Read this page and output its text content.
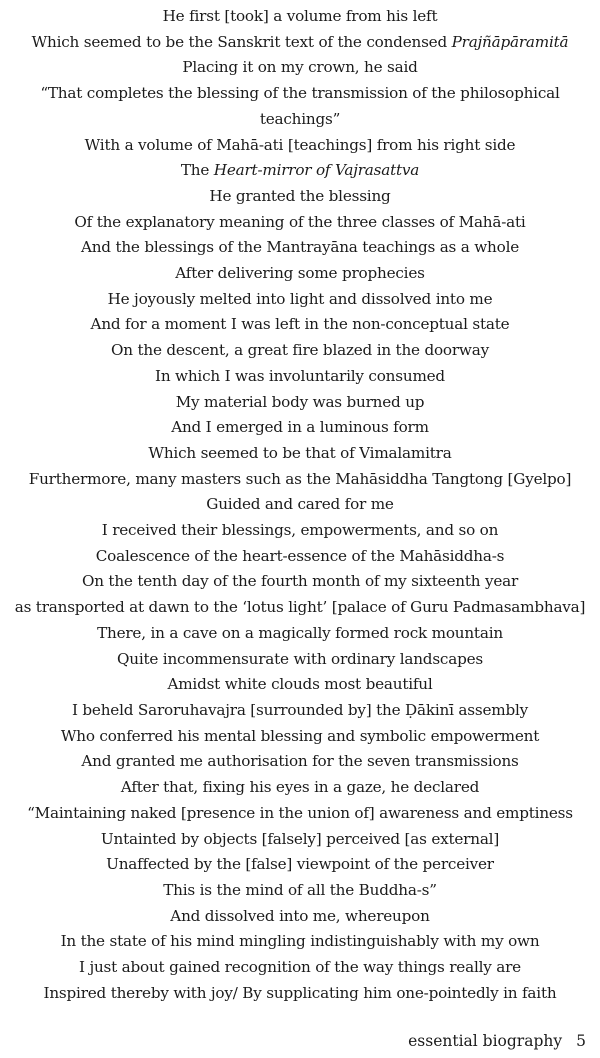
He first [took] a volume from his left
Which seemed to be the Sanskrit text of the condensed Prajñāpāramitā
Placing it on my crown, he said
“That completes the blessing of the transmission of the philosophical
teachings”
With a volume of Mahā-ati [teachings] from his right side
The Heart-mirror of Vajrasattva
He granted the blessing
Of the explanatory meaning of the three classes of Mahā-ati
And the blessings of the Mantrayāna teachings as a whole
After delivering some prophecies
He joyously melted into light and dissolved into me
And for a moment I was left in the non-conceptual state
On the descent, a great fire blazed in the doorway
In which I was involuntarily consumed
My material body was burned up
And I emerged in a luminous form
Which seemed to be that of Vimalamitra
Furthermore, many masters such as the Mahāsiddha Tangtong [Gyelpo]
Guided and cared for me
I received their blessings, empowerments, and so on
Coalescence of the heart-essence of the Mahāsiddha-s
On the tenth day of the fourth month of my sixteenth year
as transported at dawn to the ‘lotus light’ [palace of Guru Padmasambhava]
There, in a cave on a magically formed rock mountain
Quite incommensurate with ordinary landscapes
Amidst white clouds most beautiful
I beheld Saroruhavajra [surrounded by] the Ḍākinī assembly
Who conferred his mental blessing and symbolic empowerment
And granted me authorisation for the seven transmissions
After that, fixing his eyes in a gaze, he declared
“Maintaining naked [presence in the union of] awareness and emptiness
Untainted by objects [falsely] perceived [as external]
Unaffected by the [false] viewpoint of the perceiver
This is the mind of all the Buddha-s”
And dissolved into me, whereupon
In the state of his mind mingling indistinguishably with my own
I just about gained recognition of the way things really are
Inspired thereby with joy/ By supplicating him one-pointedly in faith
essential biography 5
